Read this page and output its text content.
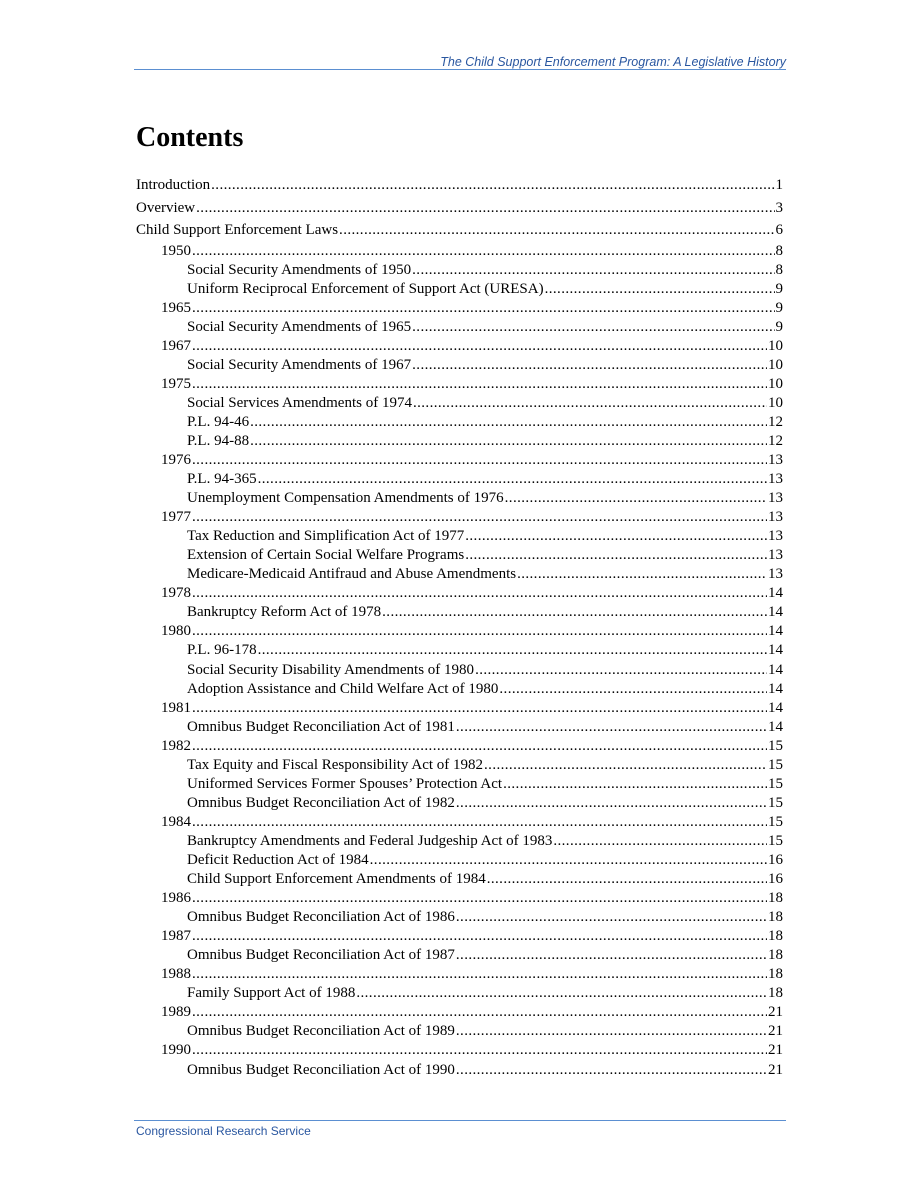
The Child Support Enforcement Program: A Legislative History
Contents
Introduction .....	1
Overview .....	3
Child Support Enforcement Laws .....	6
1950 .....	8
Social Security Amendments of 1950 .....	8
Uniform Reciprocal Enforcement of Support Act (URESA) .....	9
1965 .....	9
Social Security Amendments of 1965 .....	9
1967 .....	10
Social Security Amendments of 1967 .....	10
1975 .....	10
Social Services Amendments of 1974 .....	10
P.L. 94-46 .....	12
P.L. 94-88 .....	12
1976 .....	13
P.L. 94-365 .....	13
Unemployment Compensation Amendments of 1976 .....	13
1977 .....	13
Tax Reduction and Simplification Act of 1977 .....	13
Extension of Certain Social Welfare Programs .....	13
Medicare-Medicaid Antifraud and Abuse Amendments .....	13
1978 .....	14
Bankruptcy Reform Act of 1978 .....	14
1980 .....	14
P.L. 96-178 .....	14
Social Security Disability Amendments of 1980 .....	14
Adoption Assistance and Child Welfare Act of 1980 .....	14
1981 .....	14
Omnibus Budget Reconciliation Act of 1981 .....	14
1982 .....	15
Tax Equity and Fiscal Responsibility Act of 1982 .....	15
Uniformed Services Former Spouses’ Protection Act .....	15
Omnibus Budget Reconciliation Act of 1982 .....	15
1984 .....	15
Bankruptcy Amendments and Federal Judgeship Act of 1983 .....	15
Deficit Reduction Act of 1984 .....	16
Child Support Enforcement Amendments of 1984 .....	16
1986 .....	18
Omnibus Budget Reconciliation Act of 1986 .....	18
1987 .....	18
Omnibus Budget Reconciliation Act of 1987 .....	18
1988 .....	18
Family Support Act of 1988 .....	18
1989 .....	21
Omnibus Budget Reconciliation Act of 1989 .....	21
1990 .....	21
Omnibus Budget Reconciliation Act of 1990 .....	21
Congressional Research Service
